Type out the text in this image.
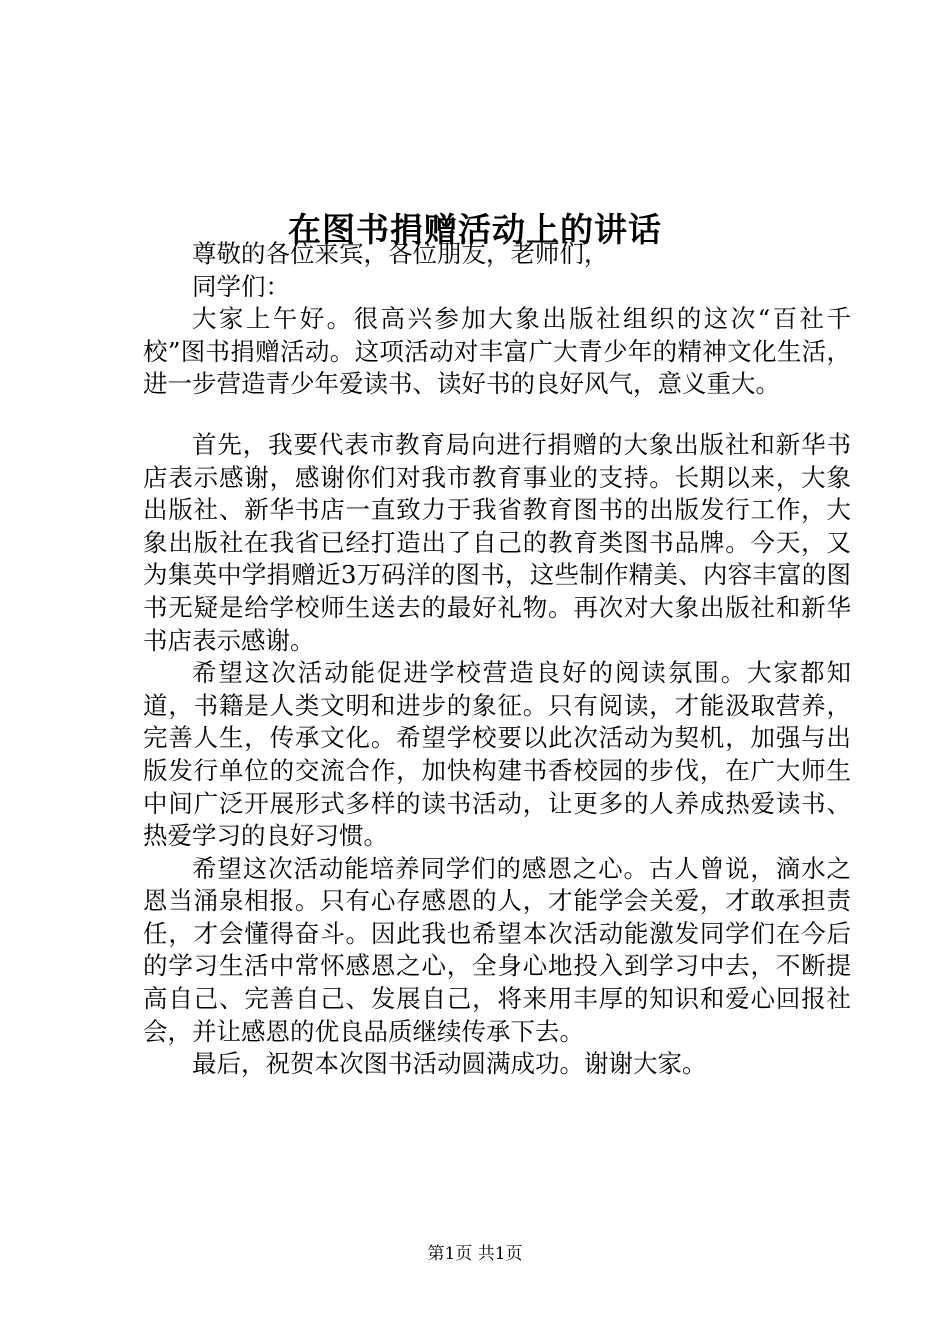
在图书捐赠活动上的讲话

尊敬的各位来宾，各位朋友，老师们，

同学们：

大家上午好。很高兴参加大象出版社组织的这次“百社千校”图书捐赠活动。这项活动对丰富广大青少年的精神文化生活，进一步营造青少年爱读书、读好书的良好风气，意义重大。

首先，我要代表市教育局向进行捐赠的大象出版社和新华书店表示感谢，感谢你们对我市教育事业的支持。长期以来，大象出版社、新华书店一直致力于我省教育图书的出版发行工作，大象出版社在我省已经打造出了自己的教育类图书品牌。今天，又为集英中学捐赠近3万码洋的图书，这些制作精美、内容丰富的图书无疑是给学校师生送去的最好礼物。再次对大象出版社和新华书店表示感谢。

希望这次活动能促进学校营造良好的阅读氛围。大家都知道，书籍是人类文明和进步的象征。只有阅读，才能汲取营养，完善人生，传承文化。希望学校要以此次活动为契机，加强与出版发行单位的交流合作，加快构建书香校园的步伐，在广大师生中间广泛开展形式多样的读书活动，让更多的人养成热爱读书、热爱学习的良好习惯。

希望这次活动能培养同学们的感恩之心。古人曾说，滴水之恩当涌泉相报。只有心存感恩的人，才能学会关爱，才敢承担责任，才会懂得奋斗。因此我也希望本次活动能激发同学们在今后的学习生活中常怀感恩之心，全身心地投入到学习中去，不断提高自己、完善自己、发展自己，将来用丰厚的知识和爱心回报社会，并让感恩的优良品质继续传承下去。

最后，祝贺本次图书活动圆满成功。谢谢大家。

第1页 共1页
